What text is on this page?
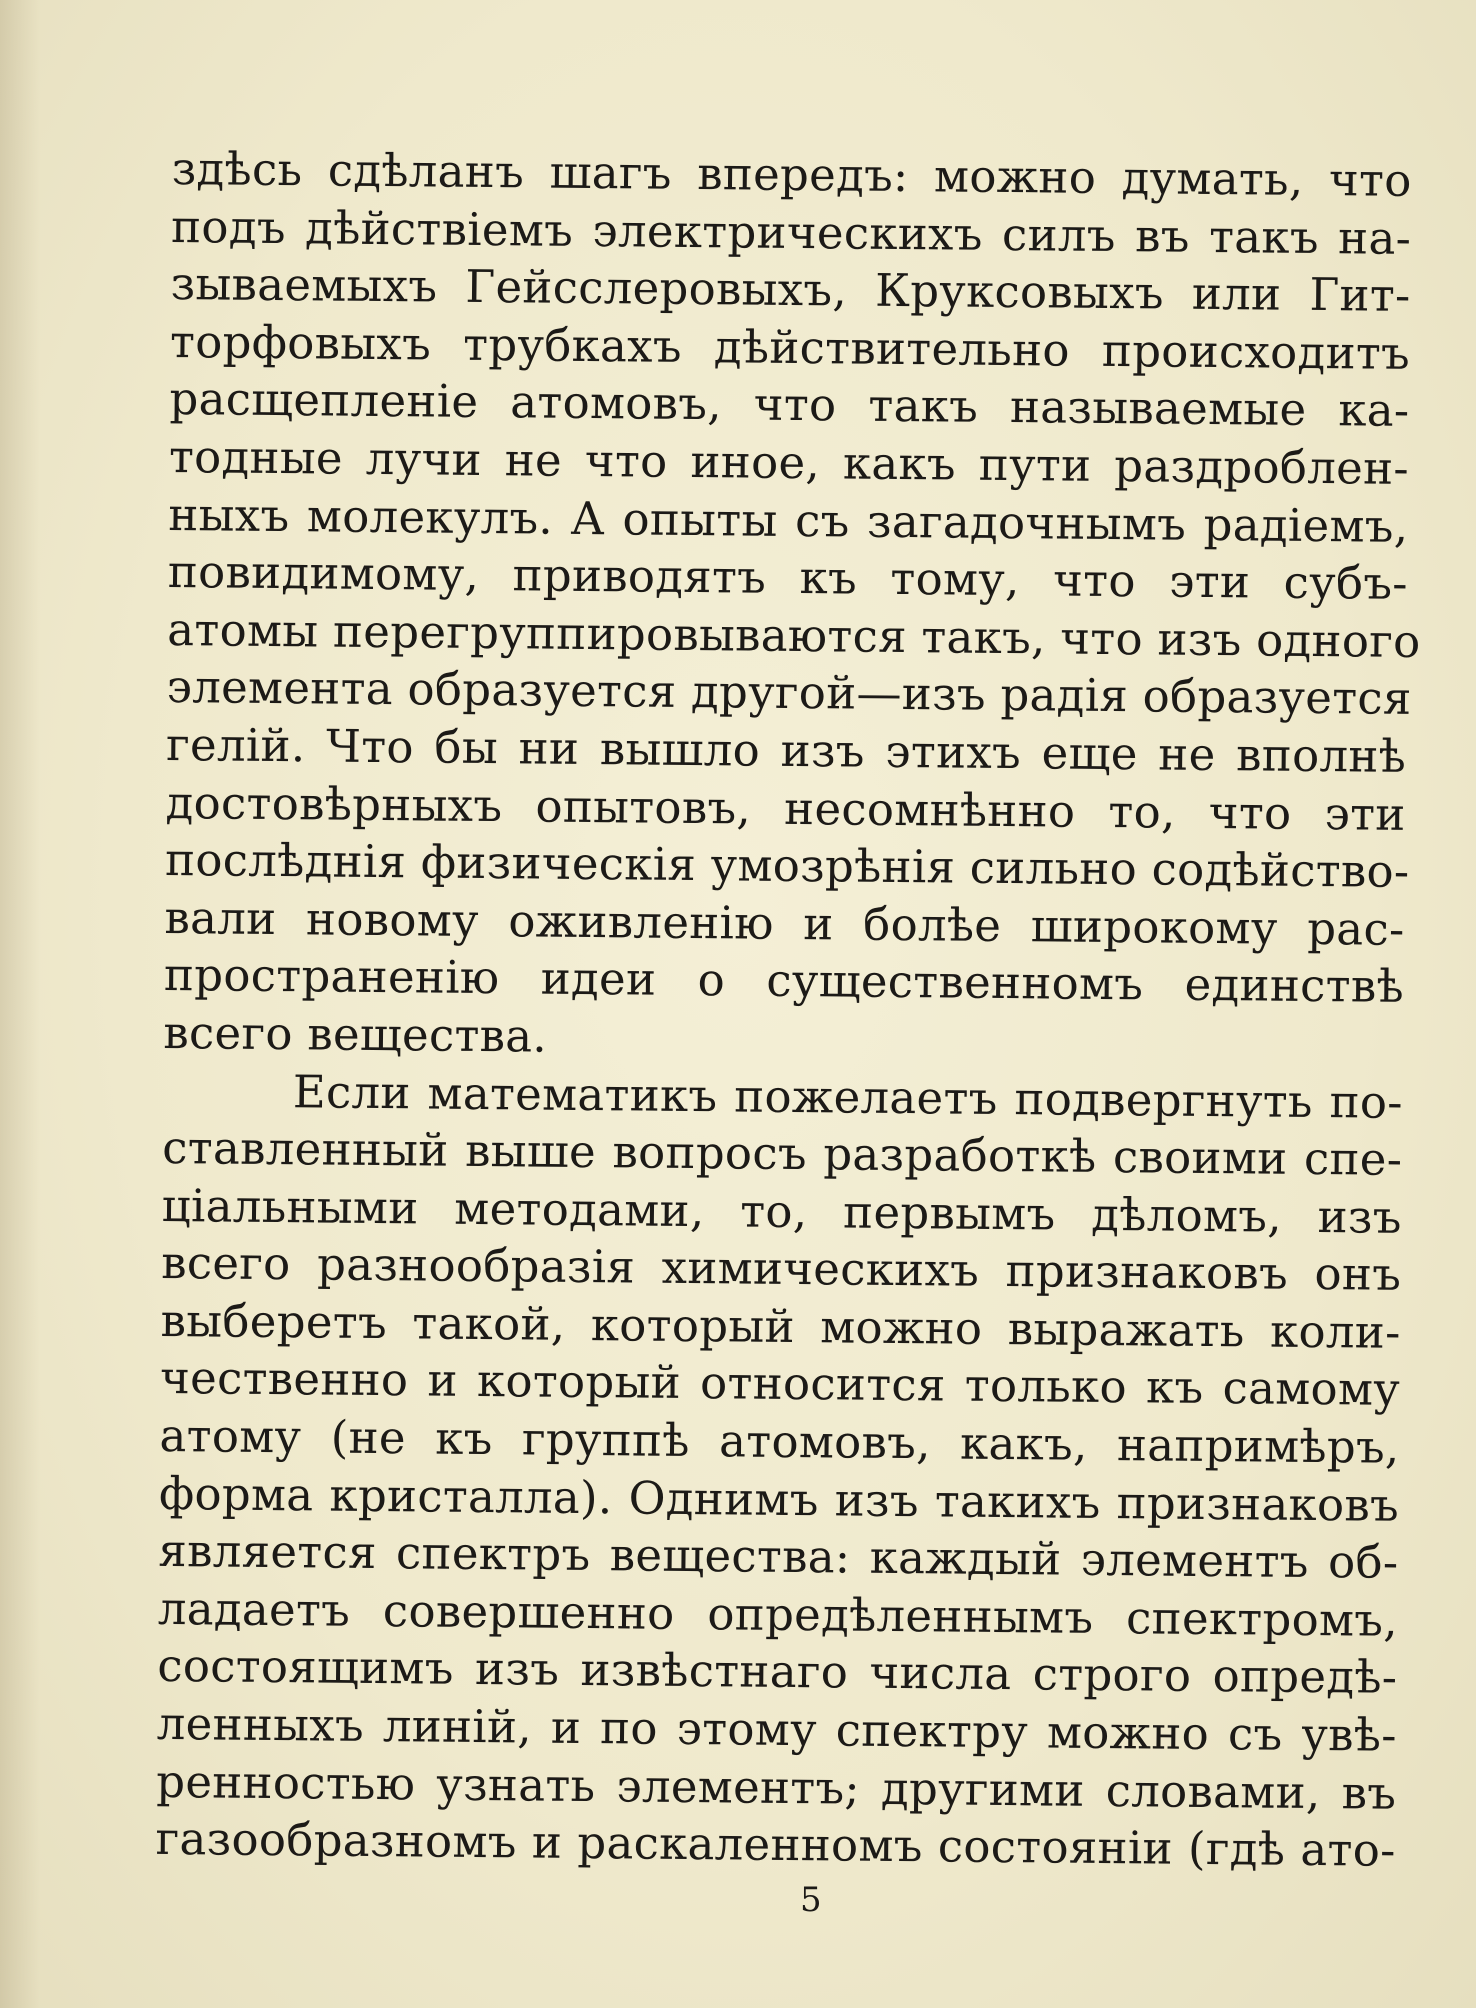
здѣсь сдѣланъ шагъ впередъ: можно думать, что
подъ дѣйствіемъ электрическихъ силъ въ такъ на-
зываемыхъ Гейсслеровыхъ, Круксовыхъ или Гит-
торфовыхъ трубкахъ дѣйствительно происходитъ
расщепленіе атомовъ, что такъ называемые ка-
тодные лучи не что иное, какъ пути раздроблен-
ныхъ молекулъ. А опыты съ загадочнымъ радіемъ,
повидимому, приводятъ къ тому, что эти субъ-
атомы перегруппировываются такъ, что изъ одного
элемента образуется другой—изъ радія образуется
гелій. Что бы ни вышло изъ этихъ еще не вполнѣ
достовѣрныхъ опытовъ, несомнѣнно то, что эти
послѣднія физическія умозрѣнія сильно содѣйство-
вали новому оживленію и болѣе широкому рас-
пространенію идеи о существенномъ единствѣ
всего вещества.
Если математикъ пожелаетъ подвергнуть по-
ставленный выше вопросъ разработкѣ своими спе-
ціальными методами, то, первымъ дѣломъ, изъ
всего разнообразія химическихъ признаковъ онъ
выберетъ такой, который можно выражать коли-
чественно и который относится только къ самому
атому (не къ группѣ атомовъ, какъ, напримѣръ,
форма кристалла). Однимъ изъ такихъ признаковъ
является спектръ вещества: каждый элементъ об-
ладаетъ совершенно опредѣленнымъ спектромъ,
состоящимъ изъ извѣстнаго числа строго опредѣ-
ленныхъ линій, и по этому спектру можно съ увѣ-
ренностью узнать элементъ; другими словами, въ
газообразномъ и раскаленномъ состояніи (гдѣ ато-
5
